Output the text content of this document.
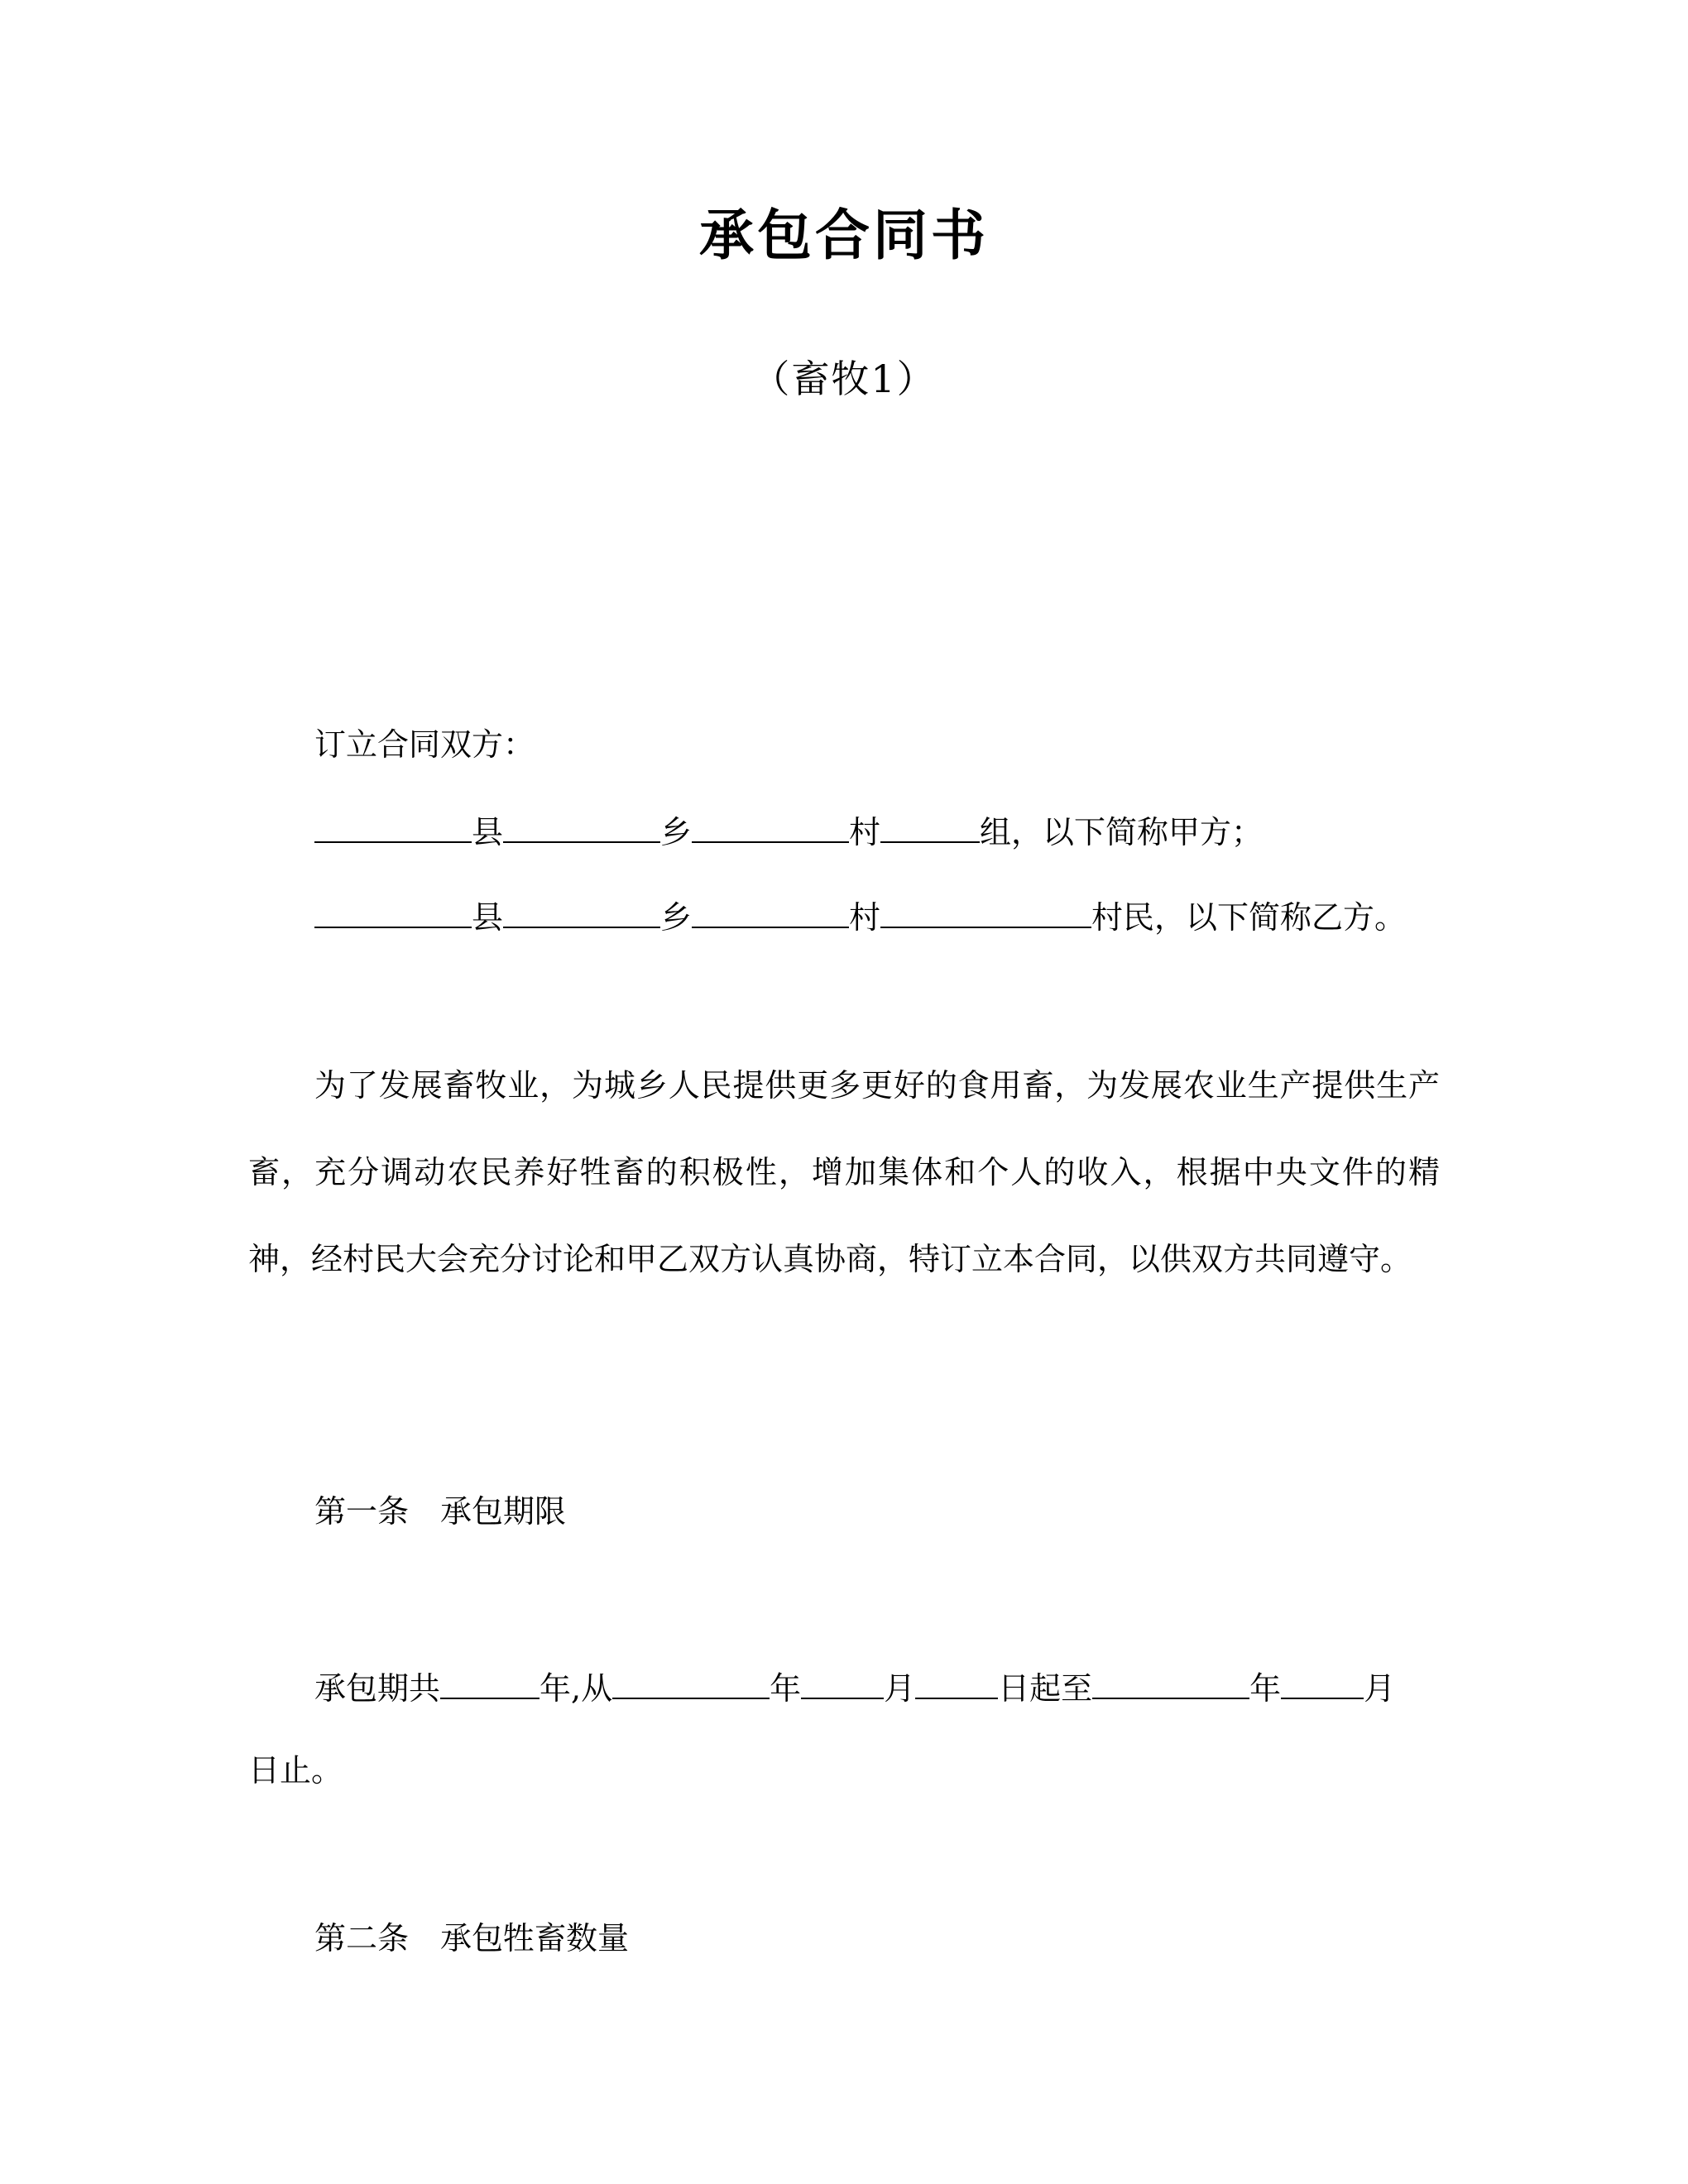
承包合同书
（畜牧1）
订立合同双方：
县	乡	村	组，以下简称甲方；
县	乡	村	村民，以下简称乙方。
为了发展畜牧业，为城乡人民提供更多更好的食用畜，为发展农业生产提供生产畜，充分调动农民养好牲畜的积极性，增加集体和个人的收入，根据中央文件的精神，经村民大会充分讨论和甲乙双方认真协商，特订立本合同，以供双方共同遵守。
第一条　承包期限
承包期共	年,从	年	月	日起至	年	月
日止。
第二条　承包牲畜数量
